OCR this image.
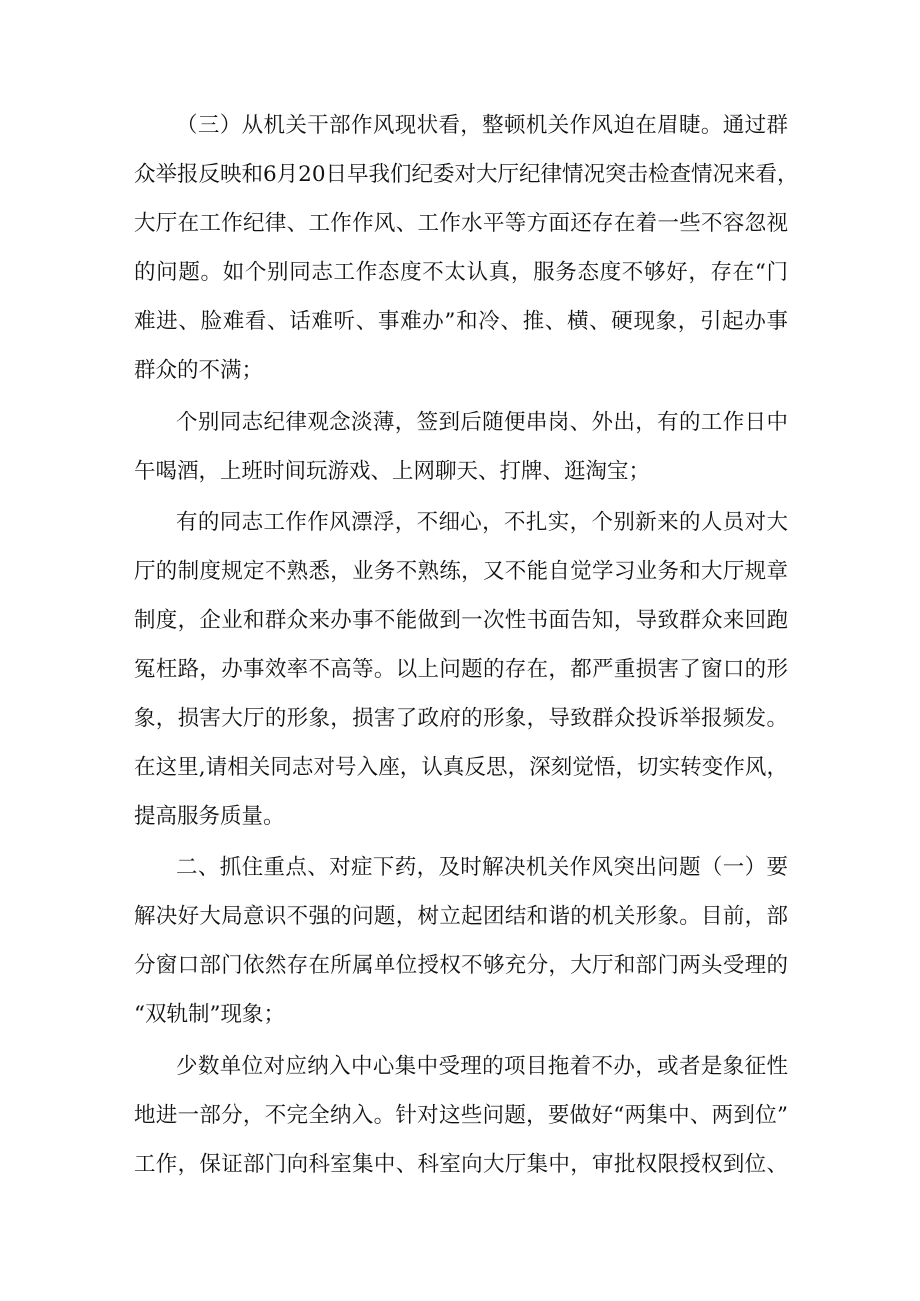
（三）从机关干部作风现状看，整顿机关作风迫在眉睫。通过群
众举报反映和6月20日早我们纪委对大厅纪律情况突击检查情况来看，
大厅在工作纪律、工作作风、工作水平等方面还存在着一些不容忽视
的问题。如个别同志工作态度不太认真，服务态度不够好，存在“门
难进、脸难看、话难听、事难办”和冷、推、横、硬现象，引起办事
群众的不满；
个别同志纪律观念淡薄，签到后随便串岗、外出，有的工作日中
午喝酒，上班时间玩游戏、上网聊天、打牌、逛淘宝；
有的同志工作作风漂浮，不细心，不扎实，个别新来的人员对大
厅的制度规定不熟悉，业务不熟练，又不能自觉学习业务和大厅规章
制度，企业和群众来办事不能做到一次性书面告知，导致群众来回跑
冤枉路，办事效率不高等。以上问题的存在，都严重损害了窗口的形
象，损害大厅的形象，损害了政府的形象，导致群众投诉举报频发。
在这里,请相关同志对号入座，认真反思，深刻觉悟，切实转变作风，
提高服务质量。
二、抓住重点、对症下药，及时解决机关作风突出问题（一）要
解决好大局意识不强的问题，树立起团结和谐的机关形象。目前，部
分窗口部门依然存在所属单位授权不够充分，大厅和部门两头受理的
“双轨制”现象；
少数单位对应纳入中心集中受理的项目拖着不办，或者是象征性
地进一部分，不完全纳入。针对这些问题，要做好“两集中、两到位”
工作，保证部门向科室集中、科室向大厅集中，审批权限授权到位、
